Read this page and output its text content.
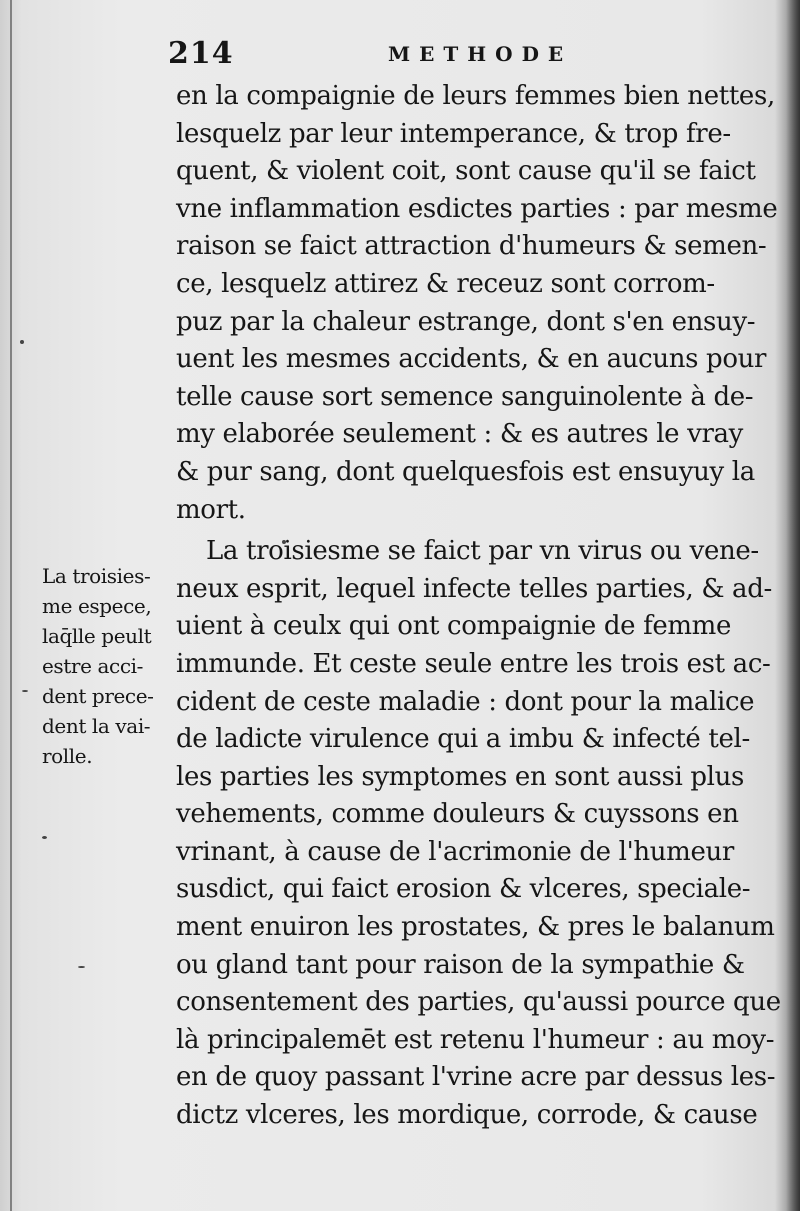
214	METHODE
en la compaignie de leurs femmes bien nettes,
lesquelz par leur intemperance, & trop fre-
quent, & violent coit, sont cause qu'il se faict
vne inflammation esdictes parties : par mesme
raison se faict attraction d'humeurs & semen-
ce, lesquelz attirez & receuz sont corrom-
puz par la chaleur estrange, dont s'en ensuy-
uent les mesmes accidents, & en aucuns pour
telle cause sort semence sanguinolente à de-
my elaborée seulement : & es autres le vray
& pur sang, dont quelquesfois est ensuyuy la
mort.
La troisiesme se faict par vn virus ou vene-
neux esprit, lequel infecte telles parties, & ad-
uient à ceulx qui ont compaignie de femme
immunde. Et ceste seule entre les trois est ac-
cident de ceste maladie : dont pour la malice
de ladicte virulence qui a imbu & infecté tel-
les parties les symptomes en sont aussi plus
vehements, comme douleurs & cuyssons en
vrinant, à cause de l'acrimonie de l'humeur
susdict, qui faict erosion & vlceres, speciale-
ment enuiron les prostates, & pres le balanum
ou gland tant pour raison de la sympathie &
consentement des parties, qu'aussi pource que
là principalemēt est retenu l'humeur : au moy-
en de quoy passant l'vrine acre par dessus les-
dictz vlceres, les mordique, corrode, & cause
La troisies-
me espece,
laq̄lle peult
estre acci-
dent prece-
dent la vai-
rolle.
